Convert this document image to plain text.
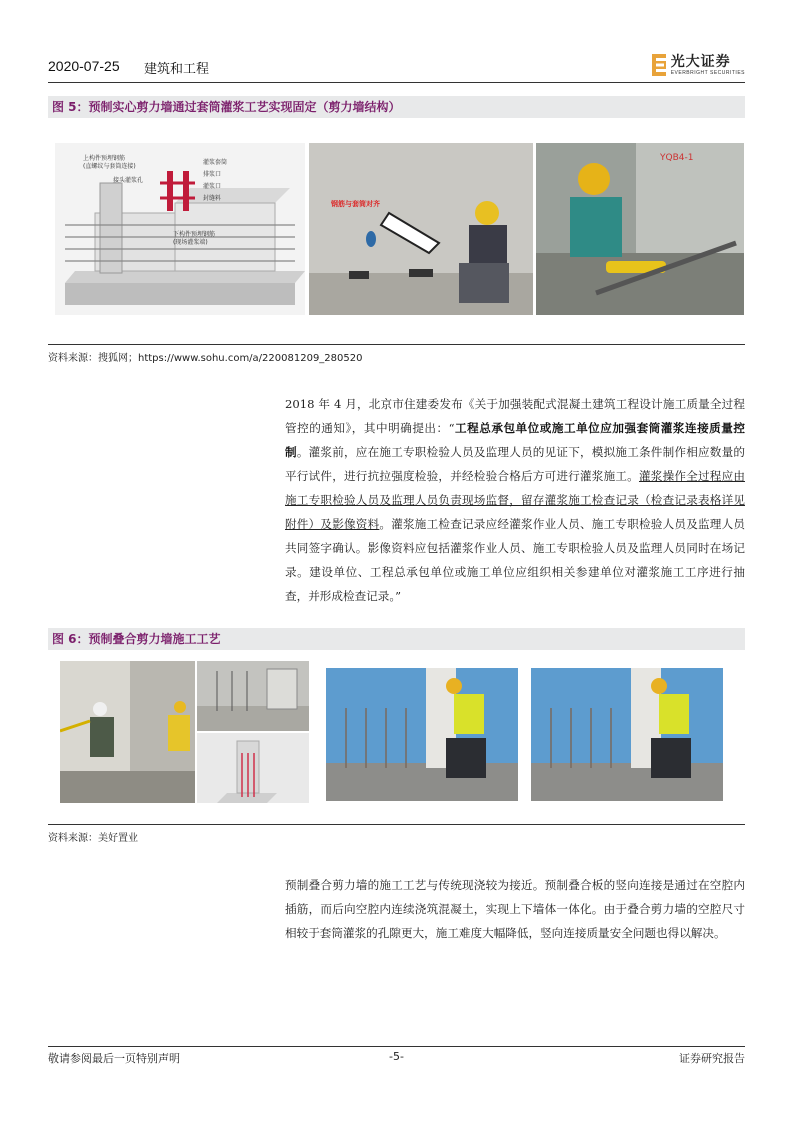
2020-07-25 建筑和工程	光大证券
EVERBRIGHT SECURITIES
图 5：预制实心剪力墙通过套筒灌浆工艺实现固定（剪力墙结构）
上构件预埋钢筋
(直螺纹与套筒连接)
接头灌浆孔
灌浆套筒
排浆口
灌浆口
封缝料
下构件预埋钢筋
(现场灌浆端)
钢筋与套筒对齐
YQB4-1
资料来源：搜狐网；https://www.sohu.com/a/220081209_280520
2018 年 4 月，北京市住建委发布《关于加强装配式混凝土建筑工程设计施工质量全过程管控的通知》，其中明确提出：“工程总承包单位或施工单位应加强套筒灌浆连接质量控制。灌浆前，应在施工专职检验人员及监理人员的见证下，模拟施工条件制作相应数量的平行试件，进行抗拉强度检验，并经检验合格后方可进行灌浆施工。灌浆操作全过程应由施工专职检验人员及监理人员负责现场监督，留存灌浆施工检查记录（检查记录表格详见附件）及影像资料。灌浆施工检查记录应经灌浆作业人员、施工专职检验人员及监理人员共同签字确认。影像资料应包括灌浆作业人员、施工专职检验人员及监理人员同时在场记录。建设单位、工程总承包单位或施工单位应组织相关参建单位对灌浆施工工序进行抽查，并形成检查记录。”
图 6：预制叠合剪力墙施工工艺
资料来源：美好置业
预制叠合剪力墙的施工工艺与传统现浇较为接近。预制叠合板的竖向连接是通过在空腔内插筋，而后向空腔内连续浇筑混凝土，实现上下墙体一体化。由于叠合剪力墙的空腔尺寸相较于套筒灌浆的孔隙更大，施工难度大幅降低，竖向连接质量安全问题也得以解决。
敬请参阅最后一页特别声明	-5-	证券研究报告
